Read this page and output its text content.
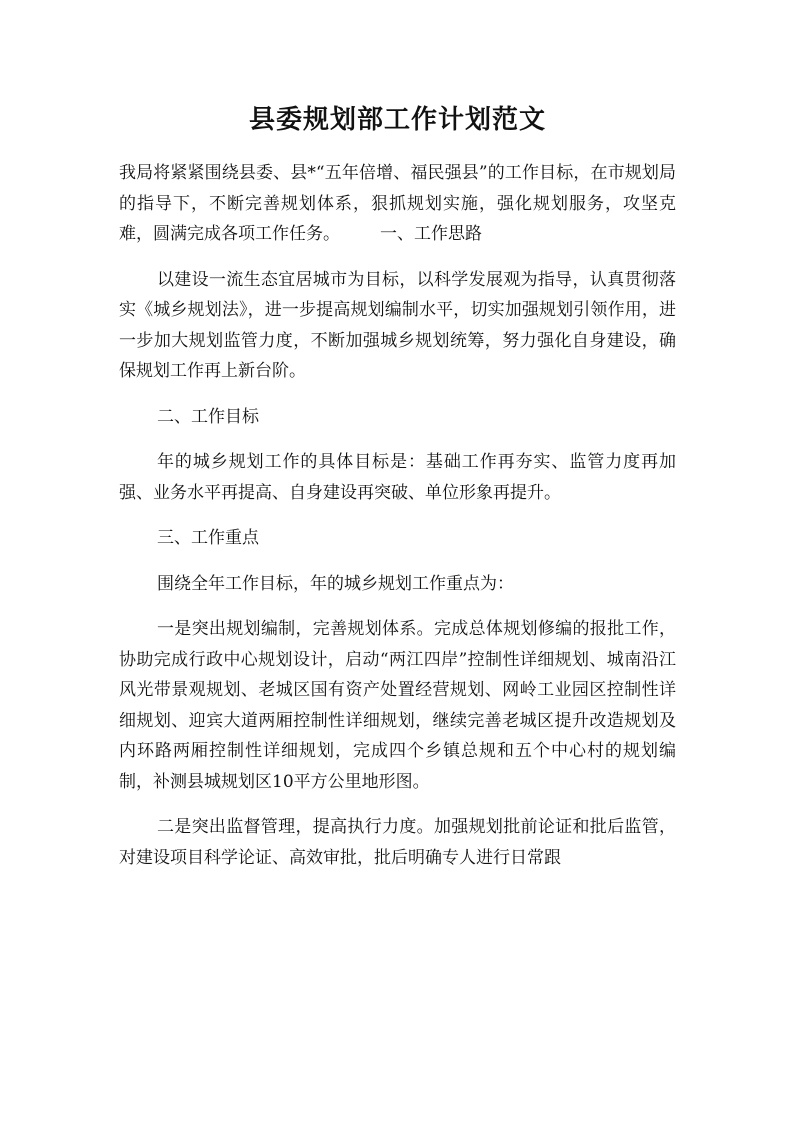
县委规划部工作计划范文

我局将紧紧围绕县委、县*“五年倍增、福民强县”的工作目标，在市规划局的指导下，不断完善规划体系，狠抓规划实施，强化规划服务，攻坚克难，圆满完成各项工作任务。 一、工作思路

以建设一流生态宜居城市为目标，以科学发展观为指导，认真贯彻落实《城乡规划法》，进一步提高规划编制水平，切实加强规划引领作用，进一步加大规划监管力度，不断加强城乡规划统筹，努力强化自身建设，确保规划工作再上新台阶。

二、工作目标

年的城乡规划工作的具体目标是：基础工作再夯实、监管力度再加强、业务水平再提高、自身建设再突破、单位形象再提升。

三、工作重点

围绕全年工作目标，年的城乡规划工作重点为：

一是突出规划编制，完善规划体系。完成总体规划修编的报批工作，协助完成行政中心规划设计，启动“两江四岸”控制性详细规划、城南沿江风光带景观规划、老城区国有资产处置经营规划、网岭工业园区控制性详细规划、迎宾大道两厢控制性详细规划，继续完善老城区提升改造规划及内环路两厢控制性详细规划，完成四个乡镇总规和五个中心村的规划编制，补测县城规划区10平方公里地形图。

二是突出监督管理，提高执行力度。加强规划批前论证和批后监管，对建设项目科学论证、高效审批，批后明确专人进行日常跟
